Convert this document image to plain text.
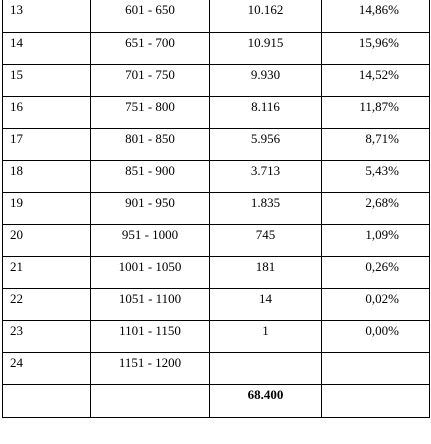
13	601 - 650	10.162	14,86%
14	651 - 700	10.915	15,96%
15	701 - 750	9.930	14,52%
16	751 - 800	8.116	11,87%
17	801 - 850	5.956	8,71%
18	851 - 900	3.713	5,43%
19	901 - 950	1.835	2,68%
20	951 - 1000	745	1,09%
21	1001 - 1050	181	0,26%
22	1051 - 1100	14	0,02%
23	1101 - 1150	1	0,00%
24	1151 - 1200		
		68.400	
